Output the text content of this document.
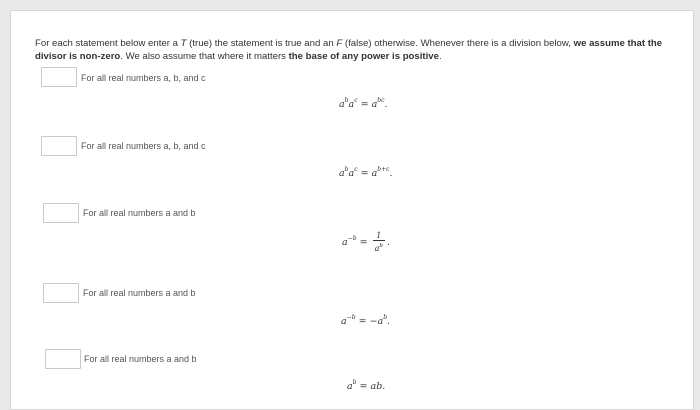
For each statement below enter a T (true) the statement is true and an F (false) otherwise. Whenever there is a division below, we assume that the divisor is non-zero. We also assume that where it matters the base of any power is positive.
For all real numbers a, b, and c
$a^ba^c = a^{bc}$.
For all real numbers a, b, and c
$a^ba^c = a^{b+c}$.
For all real numbers a and b
$a^{-b} = \frac{1}{a^b}$ .
For all real numbers a and b
$a^{-b} = -a^b$.
For all real numbers a and b
$a^b$ = ab.
